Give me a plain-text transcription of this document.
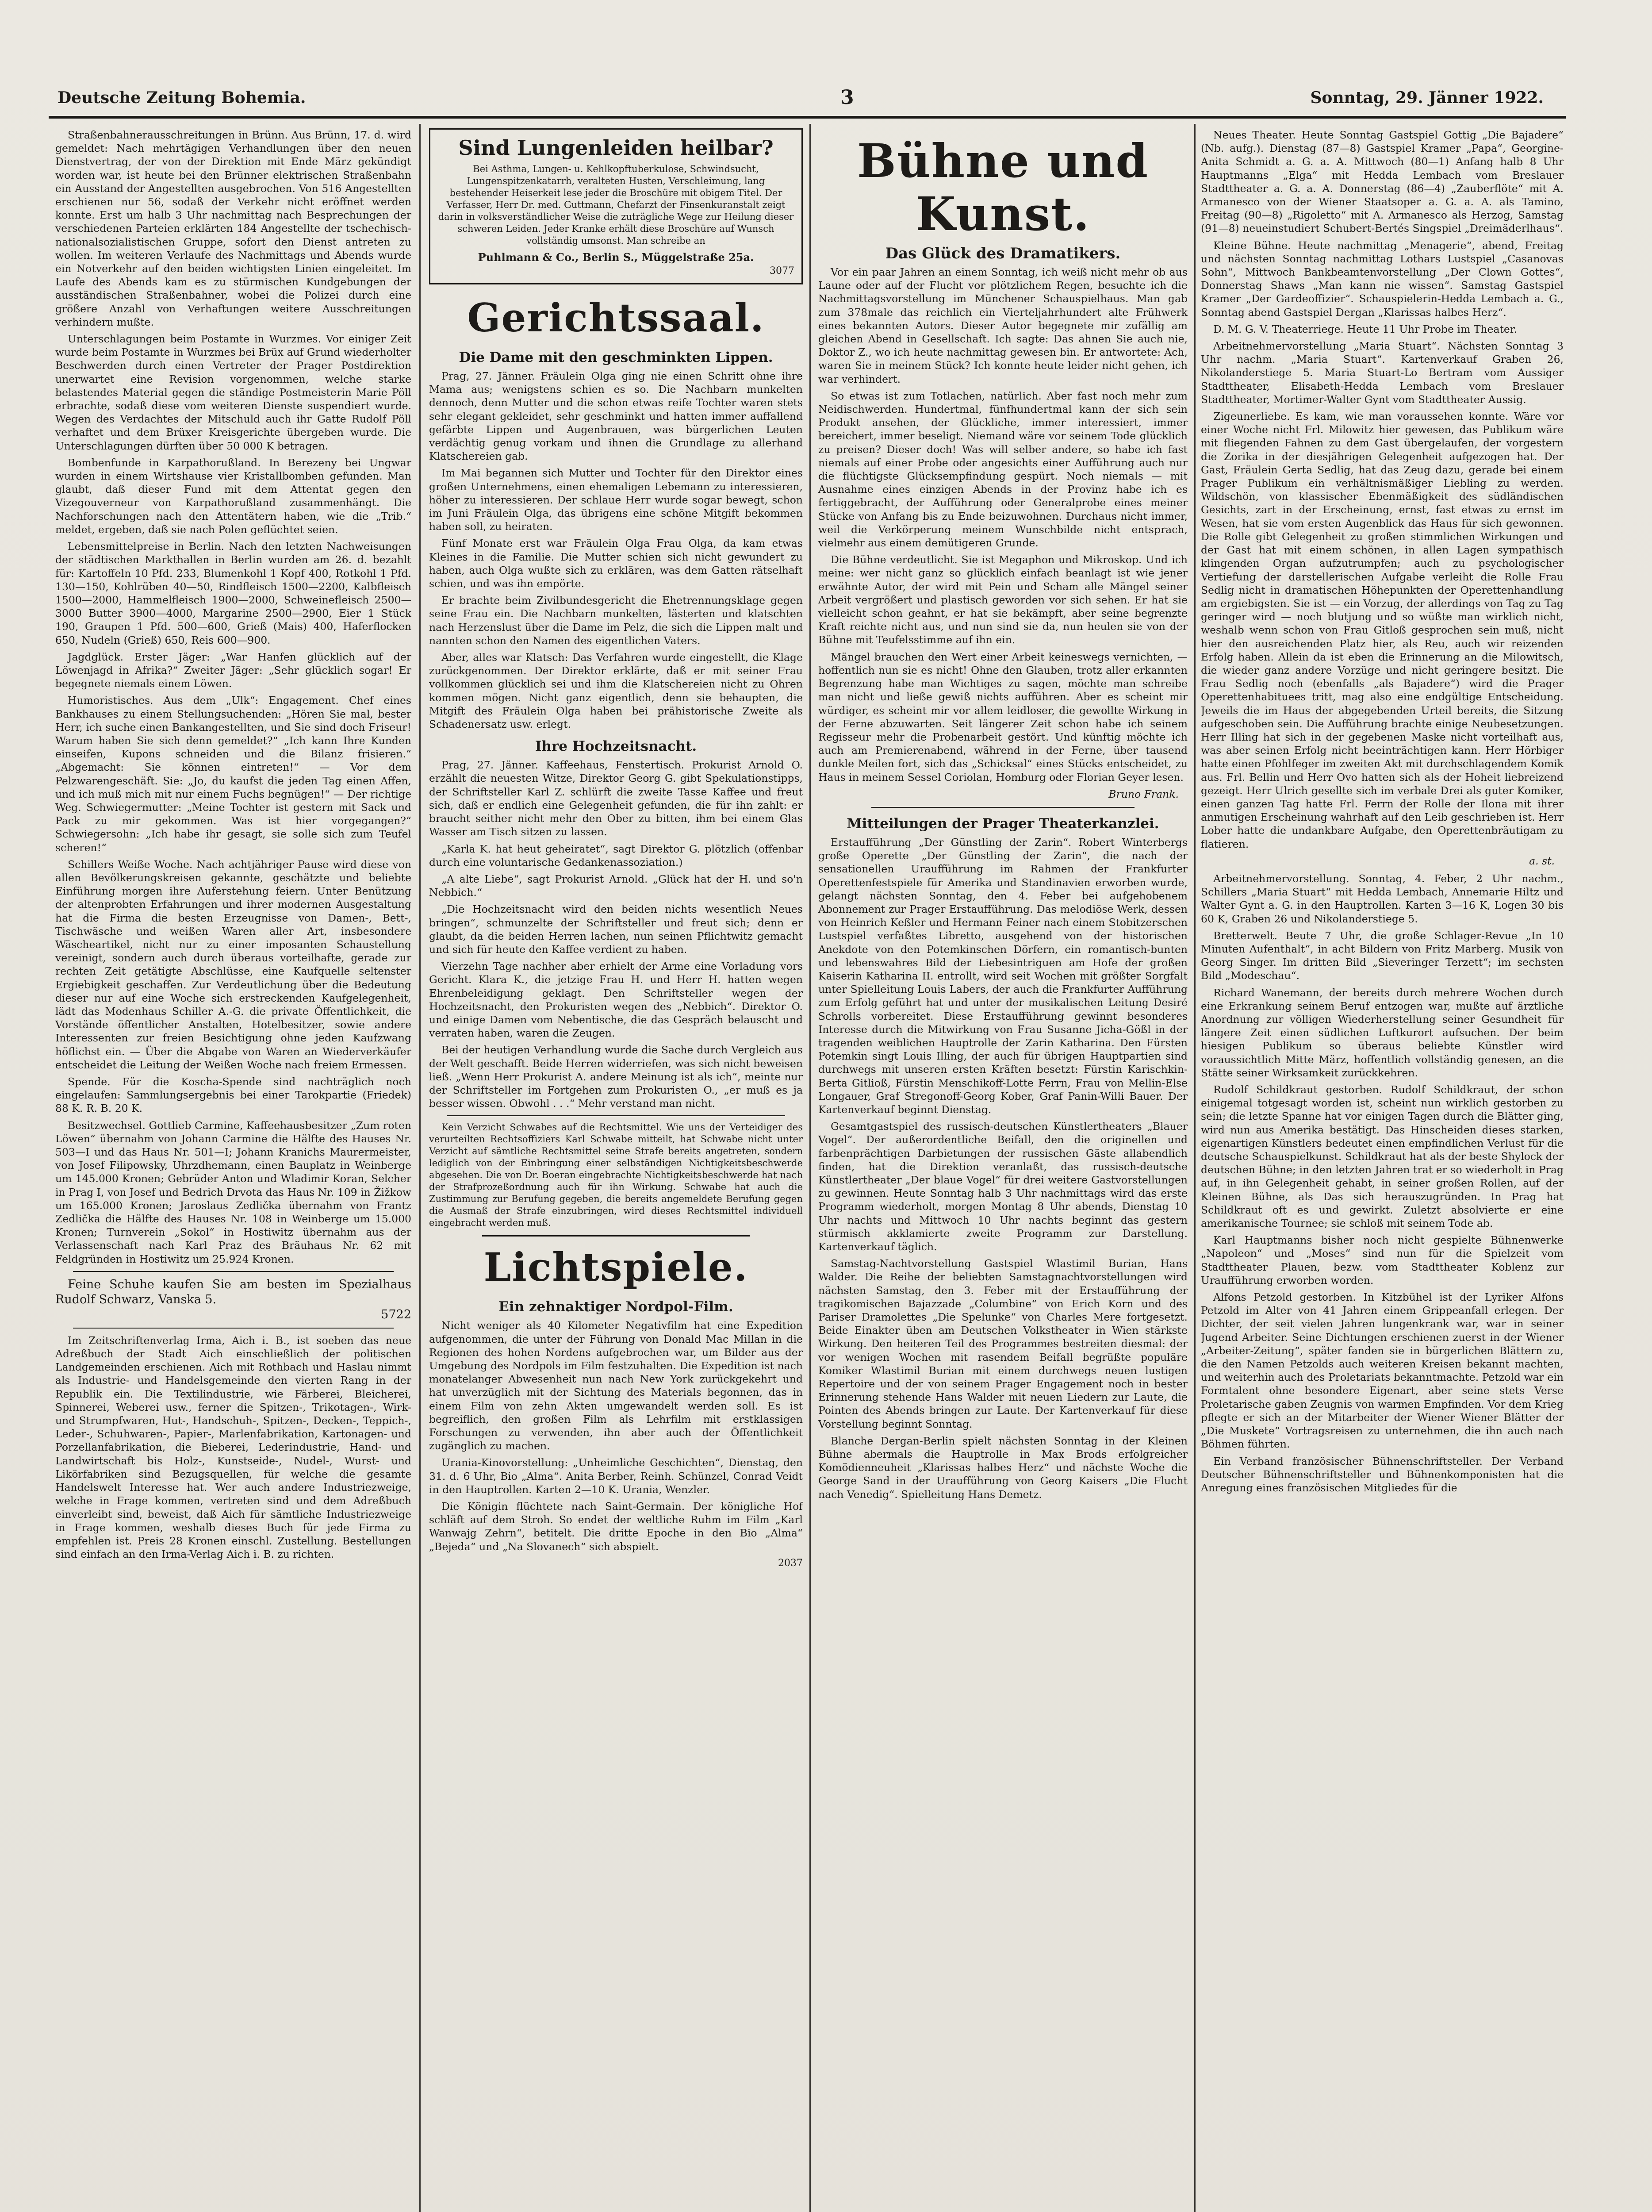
Deutsche Zeitung Bohemia.	3	Sonntag, 29. Jänner 1922.

Straßenbahnerausschreitungen in Brünn. Aus Brünn, 17. d. wird gemeldet: Nach mehrtägigen Verhandlungen über den neuen Dienstvertrag, der von der Direktion mit Ende März gekündigt worden war, ist heute bei den Brünner elektrischen Straßenbahn ein Ausstand der Angestellten ausgebrochen. Von 516 Angestellten erschienen nur 56, sodaß der Verkehr nicht eröffnet werden konnte. Erst um halb 3 Uhr nachmittag nach Besprechungen der verschiedenen Parteien erklärten 184 Angestellte der tschechisch-nationalsozialistischen Gruppe, sofort den Dienst antreten zu wollen. Im weiteren Verlaufe des Nachmittags und Abends wurde ein Notverkehr auf den beiden wichtigsten Linien eingeleitet. Im Laufe des Abends kam es zu stürmischen Kundgebungen der ausständischen Straßenbahner, wobei die Polizei durch eine größere Anzahl von Verhaftungen weitere Ausschreitungen verhindern mußte.

Unterschlagungen beim Postamte in Wurzmes. Vor einiger Zeit wurde beim Postamte in Wurzmes bei Brüx auf Grund wiederholter Beschwerden durch einen Vertreter der Prager Postdirektion unerwartet eine Revision vorgenommen, welche starke belastendes Material gegen die ständige Postmeisterin Marie Pöll erbrachte, sodaß diese vom weiteren Dienste suspendiert wurde. Wegen des Verdachtes der Mitschuld auch ihr Gatte Rudolf Pöll verhaftet und dem Brüxer Kreisgerichte übergeben wurde. Die Unterschlagungen dürften über 50 000 K betragen.

Bombenfunde in Karpathorußland. In Berezeny bei Ungwar wurden in einem Wirtshause vier Kristallbomben gefunden. Man glaubt, daß dieser Fund mit dem Attentat gegen den Vizegouverneur von Karpathorußland zusammenhängt. Die Nachforschungen nach den Attentätern haben, wie die „Trib.“ meldet, ergeben, daß sie nach Polen geflüchtet seien.

Lebensmittelpreise in Berlin. Nach den letzten Nachweisungen der städtischen Markthallen in Berlin wurden am 26. d. bezahlt für: Kartoffeln 10 Pfd. 233, Blumenkohl 1 Kopf 400, Rotkohl 1 Pfd. 130—150, Kohlrüben 40—50, Rindfleisch 1500—2200, Kalbfleisch 1500—2000, Hammelfleisch 1900—2000, Schweinefleisch 2500—3000 Butter 3900—4000, Margarine 2500—2900, Eier 1 Stück 190, Graupen 1 Pfd. 500—600, Grieß (Mais) 400, Haferflocken 650, Nudeln (Grieß) 650, Reis 600—900.

Jagdglück. Erster Jäger: „War Hanfen glücklich auf der Löwenjagd in Afrika?“ Zweiter Jäger: „Sehr glücklich sogar! Er begegnete niemals einem Löwen.

Humoristisches. Aus dem „Ulk“: Engagement. Chef eines Bankhauses zu einem Stellungsuchenden: „Hören Sie mal, bester Herr, ich suche einen Bankangestellten, und Sie sind doch Friseur! Warum haben Sie sich denn gemeldet?“ „Ich kann Ihre Kunden einseifen, Kupons schneiden und die Bilanz frisieren.“ „Abgemacht: Sie können eintreten!“ — Vor dem Pelzwarengeschäft. Sie: „Jo, du kaufst die jeden Tag einen Affen, und ich muß mich mit nur einem Fuchs begnügen!“ — Der richtige Weg. Schwiegermutter: „Meine Tochter ist gestern mit Sack und Pack zu mir gekommen. Was ist hier vorgegangen?“ Schwiegersohn: „Ich habe ihr gesagt, sie solle sich zum Teufel scheren!“

Schillers Weiße Woche. Nach achtjähriger Pause wird diese von allen Bevölkerungskreisen gekannte, geschätzte und beliebte Einführung morgen ihre Auferstehung feiern. Unter Benützung der altenprobten Erfahrungen und ihrer modernen Ausgestaltung hat die Firma die besten Erzeugnisse von Damen-, Bett-, Tischwäsche und weißen Waren aller Art, insbesondere Wäscheartikel, nicht nur zu einer imposanten Schaustellung vereinigt, sondern auch durch überaus vorteilhafte, gerade zur rechten Zeit getätigte Abschlüsse, eine Kaufquelle seltenster Ergiebigkeit geschaffen. Zur Verdeutlichung über die Bedeutung dieser nur auf eine Woche sich erstreckenden Kaufgelegenheit, lädt das Modenhaus Schiller A.-G. die private Öffentlichkeit, die Vorstände öffentlicher Anstalten, Hotelbesitzer, sowie andere Interessenten zur freien Besichtigung ohne jeden Kaufzwang höflichst ein. — Über die Abgabe von Waren an Wiederverkäufer entscheidet die Leitung der Weißen Woche nach freiem Ermessen.

Spende. Für die Koscha-Spende sind nachträglich noch eingelaufen: Sammlungsergebnis bei einer Tarokpartie (Friedek) 88 K. R. B. 20 K.

Besitzwechsel. Gottlieb Carmine, Kaffeehausbesitzer „Zum roten Löwen“ übernahm von Johann Carmine die Hälfte des Hauses Nr. 503—I und das Haus Nr. 501—I; Johann Kranichs Maurermeister, von Josef Filipowsky, Uhrzdhemann, einen Bauplatz in Weinberge um 145.000 Kronen; Gebrüder Anton und Wladimir Koran, Selcher in Prag I, von Josef und Bedrich Drvota das Haus Nr. 109 in Žižkow um 165.000 Kronen; Jaroslaus Zedlička übernahm von Frantz Zedlička die Hälfte des Hauses Nr. 108 in Weinberge um 15.000 Kronen; Turnverein „Sokol“ in Hostiwitz übernahm aus der Verlassenschaft nach Karl Praz des Bräuhaus Nr. 62 mit Feldgründen in Hostiwitz um 25.924 Kronen.

Feine Schuhe kaufen Sie am besten im Spezialhaus Rudolf Schwarz, Vanska 5.
5722

Im Zeitschriftenverlag Irma, Aich i. B., ist soeben das neue Adreßbuch der Stadt Aich einschließlich der politischen Landgemeinden erschienen. Aich mit Rothbach und Haslau nimmt als Industrie- und Handelsgemeinde den vierten Rang in der Republik ein. Die Textilindustrie, wie Färberei, Bleicherei, Spinnerei, Weberei usw., ferner die Spitzen-, Trikotagen-, Wirk- und Strumpfwaren, Hut-, Handschuh-, Spitzen-, Decken-, Teppich-, Leder-, Schuhwaren-, Papier-, Marlenfabrikation, Kartonagen- und Porzellanfabrikation, die Bieberei, Lederindustrie, Hand- und Landwirtschaft bis Holz-, Kunstseide-, Nudel-, Wurst- und Likörfabriken sind Bezugsquellen, für welche die gesamte Handelswelt Interesse hat. Wer auch andere Industriezweige, welche in Frage kommen, vertreten sind und dem Adreßbuch einverleibt sind, beweist, daß Aich für sämtliche Industriezweige in Frage kommen, weshalb dieses Buch für jede Firma zu empfehlen ist. Preis 28 Kronen einschl. Zustellung. Bestellungen sind einfach an den Irma-Verlag Aich i. B. zu richten.

Sind Lungenleiden heilbar?
Bei Asthma, Lungen- u. Kehlkopftuberkulose, Schwindsucht, Lungenspitzenkatarrh, veralteten Husten, Verschleimung, lang bestehender Heiserkeit lese jeder die Broschüre mit obigem Titel. Der Verfasser, Herr Dr. med. Guttmann, Chefarzt der Finsenkuranstalt zeigt darin in volksverständlicher Weise die zuträgliche Wege zur Heilung dieser schweren Leiden. Jeder Kranke erhält diese Broschüre auf Wunsch vollständig umsonst. Man schreibe an
Puhlmann & Co., Berlin S., Müggelstraße 25a.
3077
Gerichtssaal.
Die Dame mit den geschminkten Lippen.

Prag, 27. Jänner. Fräulein Olga ging nie einen Schritt ohne ihre Mama aus; wenigstens schien es so. Die Nachbarn munkelten dennoch, denn Mutter und die schon etwas reife Tochter waren stets sehr elegant gekleidet, sehr geschminkt und hatten immer auffallend gefärbte Lippen und Augenbrauen, was bürgerlichen Leuten verdächtig genug vorkam und ihnen die Grundlage zu allerhand Klatschereien gab.

Im Mai begannen sich Mutter und Tochter für den Direktor eines großen Unternehmens, einen ehemaligen Lebemann zu interessieren, höher zu interessieren. Der schlaue Herr wurde sogar bewegt, schon im Juni Fräulein Olga, das übrigens eine schöne Mitgift bekommen haben soll, zu heiraten.

Fünf Monate erst war Fräulein Olga Frau Olga, da kam etwas Kleines in die Familie. Die Mutter schien sich nicht gewundert zu haben, auch Olga wußte sich zu erklären, was dem Gatten rätselhaft schien, und was ihn empörte.

Er brachte beim Zivilbundesgericht die Ehetrennungsklage gegen seine Frau ein. Die Nachbarn munkelten, lästerten und klatschten nach Herzenslust über die Dame im Pelz, die sich die Lippen malt und nannten schon den Namen des eigentlichen Vaters.

Aber, alles war Klatsch: Das Verfahren wurde eingestellt, die Klage zurückgenommen. Der Direktor erklärte, daß er mit seiner Frau vollkommen glücklich sei und ihm die Klatschereien nicht zu Ohren kommen mögen. Nicht ganz eigentlich, denn sie behaupten, die Mitgift des Fräulein Olga haben bei prähistorische Zweite als Schadenersatz usw. erlegt.

Ihre Hochzeitsnacht.

Prag, 27. Jänner. Kaffeehaus, Fenstertisch. Prokurist Arnold O. erzählt die neuesten Witze, Direktor Georg G. gibt Spekulationstipps, der Schriftsteller Karl Z. schlürft die zweite Tasse Kaffee und freut sich, daß er endlich eine Gelegenheit gefunden, die für ihn zahlt: er braucht seither nicht mehr den Ober zu bitten, ihm bei einem Glas Wasser am Tisch sitzen zu lassen.

„Karla K. hat heut geheiratet“, sagt Direktor G. plötzlich (offenbar durch eine voluntarische Gedankenassoziation.)

„A alte Liebe“, sagt Prokurist Arnold. „Glück hat der H. und so'n Nebbich.“

„Die Hochzeitsnacht wird den beiden nichts wesentlich Neues bringen“, schmunzelte der Schriftsteller und freut sich; denn er glaubt, da die beiden Herren lachen, nun seinen Pflichtwitz gemacht und sich für heute den Kaffee verdient zu haben.

Vierzehn Tage nachher aber erhielt der Arme eine Vorladung vors Gericht. Klara K., die jetzige Frau H. und Herr H. hatten wegen Ehrenbeleidigung geklagt. Den Schriftsteller wegen der Hochzeitsnacht, den Prokuristen wegen des „Nebbich“. Direktor O. und einige Damen vom Nebentische, die das Gespräch belauscht und verraten haben, waren die Zeugen.

Bei der heutigen Verhandlung wurde die Sache durch Vergleich aus der Welt geschafft. Beide Herren widerriefen, was sich nicht beweisen ließ. „Wenn Herr Prokurist A. andere Meinung ist als ich“, meinte nur der Schriftsteller im Fortgehen zum Prokuristen O., „er muß es ja besser wissen. Obwohl . . .“ Mehr verstand man nicht.

Kein Verzicht Schwabes auf die Rechtsmittel. Wie uns der Verteidiger des verurteilten Rechtsoffiziers Karl Schwabe mitteilt, hat Schwabe nicht unter Verzicht auf sämtliche Rechtsmittel seine Strafe bereits angetreten, sondern lediglich von der Einbringung einer selbständigen Nichtigkeitsbeschwerde abgesehen. Die von Dr. Boeran eingebrachte Nichtigkeitsbeschwerde hat nach der Strafprozeßordnung auch für ihn Wirkung. Schwabe hat auch die Zustimmung zur Berufung gegeben, die bereits angemeldete Berufung gegen die Ausmaß der Strafe einzubringen, wird dieses Rechtsmittel individuell eingebracht werden muß.

Lichtspiele.
Ein zehnaktiger Nordpol-Film.

Nicht weniger als 40 Kilometer Negativfilm hat eine Expedition aufgenommen, die unter der Führung von Donald Mac Millan in die Regionen des hohen Nordens aufgebrochen war, um Bilder aus der Umgebung des Nordpols im Film festzuhalten. Die Expedition ist nach monatelanger Abwesenheit nun nach New York zurückgekehrt und hat unverzüglich mit der Sichtung des Materials begonnen, das in einem Film von zehn Akten umgewandelt werden soll. Es ist begreiflich, den großen Film als Lehrfilm mit erstklassigen Forschungen zu verwenden, ihn aber auch der Öffentlichkeit zugänglich zu machen.

Urania-Kinovorstellung: „Unheimliche Geschichten“, Dienstag, den 31. d. 6 Uhr, Bio „Alma“. Anita Berber, Reinh. Schünzel, Conrad Veidt in den Hauptrollen. Karten 2—10 K. Urania, Wenzler.

Die Königin flüchtete nach Saint-Germain. Der königliche Hof schläft auf dem Stroh. So endet der weltliche Ruhm im Film „Karl Wanwajg Zehrn“, betitelt. Die dritte Epoche in den Bio „Alma“ „Bejeda“ und „Na Slovanech“ sich abspielt.

2037
Bühne und Kunst.
Das Glück des Dramatikers.

Vor ein paar Jahren an einem Sonntag, ich weiß nicht mehr ob aus Laune oder auf der Flucht vor plötzlichem Regen, besuchte ich die Nachmittagsvorstellung im Münchener Schauspielhaus. Man gab zum 378male das reichlich ein Vierteljahrhundert alte Frühwerk eines bekannten Autors. Dieser Autor begegnete mir zufällig am gleichen Abend in Gesellschaft. Ich sagte: Das ahnen Sie auch nie, Doktor Z., wo ich heute nachmittag gewesen bin. Er antwortete: Ach, waren Sie in meinem Stück? Ich konnte heute leider nicht gehen, ich war verhindert.

So etwas ist zum Totlachen, natürlich. Aber fast noch mehr zum Neidischwerden. Hundertmal, fünfhundertmal kann der sich sein Produkt ansehen, der Glückliche, immer interessiert, immer bereichert, immer beseligt. Niemand wäre vor seinem Tode glücklich zu preisen? Dieser doch! Was will selber andere, so habe ich fast niemals auf einer Probe oder angesichts einer Aufführung auch nur die flüchtigste Glücksempfindung gespürt. Noch niemals — mit Ausnahme eines einzigen Abends in der Provinz habe ich es fertiggebracht, der Aufführung oder Generalprobe eines meiner Stücke von Anfang bis zu Ende beizuwohnen. Durchaus nicht immer, weil die Verkörperung meinem Wunschbilde nicht entsprach, vielmehr aus einem demütigeren Grunde.

Die Bühne verdeutlicht. Sie ist Megaphon und Mikroskop. Und ich meine: wer nicht ganz so glücklich einfach beanlagt ist wie jener erwähnte Autor, der wird mit Pein und Scham alle Mängel seiner Arbeit vergrößert und plastisch geworden vor sich sehen. Er hat sie vielleicht schon geahnt, er hat sie bekämpft, aber seine begrenzte Kraft reichte nicht aus, und nun sind sie da, nun heulen sie von der Bühne mit Teufelsstimme auf ihn ein.

Mängel brauchen den Wert einer Arbeit keineswegs vernichten, — hoffentlich nun sie es nicht! Ohne den Glauben, trotz aller erkannten Begrenzung habe man Wichtiges zu sagen, möchte man schreibe man nicht und ließe gewiß nichts aufführen. Aber es scheint mir würdiger, es scheint mir vor allem leidloser, die gewollte Wirkung in der Ferne abzuwarten. Seit längerer Zeit schon habe ich seinem Regisseur mehr die Probenarbeit gestört. Und künftig möchte ich auch am Premierenabend, während in der Ferne, über tausend dunkle Meilen fort, sich das „Schicksal“ eines Stücks entscheidet, zu Haus in meinem Sessel Coriolan, Homburg oder Florian Geyer lesen.

Bruno Frank.
Mitteilungen der Prager Theaterkanzlei.

Erstaufführung „Der Günstling der Zarin“. Robert Winterbergs große Operette „Der Günstling der Zarin“, die nach der sensationellen Uraufführung im Rahmen der Frankfurter Operettenfestspiele für Amerika und Standinavien erworben wurde, gelangt nächsten Sonntag, den 4. Feber bei aufgehobenem Abonnement zur Prager Erstaufführung. Das melodiöse Werk, dessen von Heinrich Keßler und Hermann Feiner nach einem Stobitzerschen Lustspiel verfaßtes Libretto, ausgehend von der historischen Anekdote von den Potemkinschen Dörfern, ein romantisch-bunten und lebenswahres Bild der Liebesintriguen am Hofe der großen Kaiserin Katharina II. entrollt, wird seit Wochen mit größter Sorgfalt unter Spielleitung Louis Labers, der auch die Frankfurter Aufführung zum Erfolg geführt hat und unter der musikalischen Leitung Desiré Schrolls vorbereitet. Diese Erstaufführung gewinnt besonderes Interesse durch die Mitwirkung von Frau Susanne Jicha-Gößl in der tragenden weiblichen Hauptrolle der Zarin Katharina. Den Fürsten Potemkin singt Louis Illing, der auch für übrigen Hauptpartien sind durchwegs mit unseren ersten Kräften besetzt: Fürstin Karischkin-Berta Gitlioß, Fürstin Menschikoff-Lotte Ferrn, Frau von Mellin-Else Longauer, Graf Stregonoff-Georg Kober, Graf Panin-Willi Bauer. Der Kartenverkauf beginnt Dienstag.

Gesamtgastspiel des russisch-deutschen Künstlertheaters „Blauer Vogel“. Der außerordentliche Beifall, den die originellen und farbenprächtigen Darbietungen der russischen Gäste allabendlich finden, hat die Direktion veranlaßt, das russisch-deutsche Künstlertheater „Der blaue Vogel“ für drei weitere Gastvorstellungen zu gewinnen. Heute Sonntag halb 3 Uhr nachmittags wird das erste Programm wiederholt, morgen Montag 8 Uhr abends, Dienstag 10 Uhr nachts und Mittwoch 10 Uhr nachts beginnt das gestern stürmisch akklamierte zweite Programm zur Darstellung. Kartenverkauf täglich.

Samstag-Nachtvorstellung Gastspiel Wlastimil Burian, Hans Walder. Die Reihe der beliebten Samstagnachtvorstellungen wird nächsten Samstag, den 3. Feber mit der Erstaufführung der tragikomischen Bajazzade „Columbine“ von Erich Korn und des Pariser Dramolettes „Die Spelunke“ von Charles Mere fortgesetzt. Beide Einakter üben am Deutschen Volkstheater in Wien stärkste Wirkung. Den heiteren Teil des Programmes bestreiten diesmal: der vor wenigen Wochen mit rasendem Beifall begrüßte populäre Komiker Wlastimil Burian mit einem durchwegs neuen lustigen Repertoire und der von seinem Prager Engagement noch in bester Erinnerung stehende Hans Walder mit neuen Liedern zur Laute, die Pointen des Abends bringen zur Laute. Der Kartenverkauf für diese Vorstellung beginnt Sonntag.

Blanche Dergan-Berlin spielt nächsten Sonntag in der Kleinen Bühne abermals die Hauptrolle in Max Brods erfolgreicher Komödienneuheit „Klarissas halbes Herz“ und nächste Woche die George Sand in der Uraufführung von Georg Kaisers „Die Flucht nach Venedig“. Spielleitung Hans Demetz.

Neues Theater. Heute Sonntag Gastspiel Gottig „Die Bajadere“ (Nb. aufg.). Dienstag (87—8) Gastspiel Kramer „Papa“, Georgine-Anita Schmidt a. G. a. A. Mittwoch (80—1) Anfang halb 8 Uhr Hauptmanns „Elga“ mit Hedda Lembach vom Breslauer Stadttheater a. G. a. A. Donnerstag (86—4) „Zauberflöte“ mit A. Armanesco von der Wiener Staatsoper a. G. a. A. als Tamino, Freitag (90—8) „Rigoletto“ mit A. Armanesco als Herzog, Samstag (91—8) neueinstudiert Schubert-Bertés Singspiel „Dreimäderlhaus“.

Kleine Bühne. Heute nachmittag „Menagerie“, abend, Freitag und nächsten Sonntag nachmittag Lothars Lustspiel „Casanovas Sohn“, Mittwoch Bankbeamtenvorstellung „Der Clown Gottes“, Donnerstag Shaws „Man kann nie wissen“. Samstag Gastspiel Kramer „Der Gardeoffizier“. Schauspielerin-Hedda Lembach a. G., Sonntag abend Gastspiel Dergan „Klarissas halbes Herz“.

D. M. G. V. Theaterriege. Heute 11 Uhr Probe im Theater.

Arbeitnehmervorstellung „Maria Stuart“. Nächsten Sonntag 3 Uhr nachm. „Maria Stuart“. Kartenverkauf Graben 26, Nikolanderstiege 5. Maria Stuart-Lo Bertram vom Aussiger Stadttheater, Elisabeth-Hedda Lembach vom Breslauer Stadttheater, Mortimer-Walter Gynt vom Stadttheater Aussig.

Zigeunerliebe. Es kam, wie man voraussehen konnte. Wäre vor einer Woche nicht Frl. Milowitz hier gewesen, das Publikum wäre mit fliegenden Fahnen zu dem Gast übergelaufen, der vorgestern die Zorika in der diesjährigen Gelegenheit aufgezogen hat. Der Gast, Fräulein Gerta Sedlig, hat das Zeug dazu, gerade bei einem Prager Publikum ein verhältnismäßiger Liebling zu werden. Wildschön, von klassischer Ebenmäßigkeit des südländischen Gesichts, zart in der Erscheinung, ernst, fast etwas zu ernst im Wesen, hat sie vom ersten Augenblick das Haus für sich gewonnen. Die Rolle gibt Gelegenheit zu großen stimmlichen Wirkungen und der Gast hat mit einem schönen, in allen Lagen sympathisch klingenden Organ aufzutrumpfen; auch zu psychologischer Vertiefung der darstellerischen Aufgabe verleiht die Rolle Frau Sedlig nicht in dramatischen Höhepunkten der Operettenhandlung am ergiebigsten. Sie ist — ein Vorzug, der allerdings von Tag zu Tag geringer wird — noch blutjung und so wüßte man wirklich nicht, weshalb wenn schon von Frau Gitloß gesprochen sein muß, nicht hier den ausreichenden Platz hier, als Reu, auch wir reizenden Erfolg haben. Allein da ist eben die Erinnerung an die Milowitsch, die wieder ganz andere Vorzüge und nicht geringere besitzt. Die Frau Sedlig noch (ebenfalls „als Bajadere“) wird die Prager Operettenhabituees tritt, mag also eine endgültige Entscheidung. Jeweils die im Haus der abgegebenden Urteil bereits, die Sitzung aufgeschoben sein. Die Aufführung brachte einige Neubesetzungen. Herr Illing hat sich in der gegebenen Maske nicht vorteilhaft aus, was aber seinen Erfolg nicht beeinträchtigen kann. Herr Hörbiger hatte einen Pfohlfeger im zweiten Akt mit durchschlagendem Komik aus. Frl. Bellin und Herr Ovo hatten sich als der Hoheit liebreizend gezeigt. Herr Ulrich gesellte sich im verbale Drei als guter Komiker, einen ganzen Tag hatte Frl. Ferrn der Rolle der Ilona mit ihrer anmutigen Erscheinung wahrhaft auf den Leib geschrieben ist. Herr Lober hatte die undankbare Aufgabe, den Operettenbräutigam zu flatieren.

a. st.

Arbeitnehmervorstellung. Sonntag, 4. Feber, 2 Uhr nachm., Schillers „Maria Stuart“ mit Hedda Lembach, Annemarie Hiltz und Walter Gynt a. G. in den Hauptrollen. Karten 3—16 K, Logen 30 bis 60 K, Graben 26 und Nikolanderstiege 5.

Bretterwelt. Beute 7 Uhr, die große Schlager-Revue „In 10 Minuten Aufenthalt“, in acht Bildern von Fritz Marberg. Musik von Georg Singer. Im dritten Bild „Sieveringer Terzett“; im sechsten Bild „Modeschau“.

Richard Wanemann, der bereits durch mehrere Wochen durch eine Erkrankung seinem Beruf entzogen war, mußte auf ärztliche Anordnung zur völligen Wiederherstellung seiner Gesundheit für längere Zeit einen südlichen Luftkurort aufsuchen. Der beim hiesigen Publikum so überaus beliebte Künstler wird voraussichtlich Mitte März, hoffentlich vollständig genesen, an die Stätte seiner Wirksamkeit zurückkehren.

Rudolf Schildkraut gestorben. Rudolf Schildkraut, der schon einigemal totgesagt worden ist, scheint nun wirklich gestorben zu sein; die letzte Spanne hat vor einigen Tagen durch die Blätter ging, wird nun aus Amerika bestätigt. Das Hinscheiden dieses starken, eigenartigen Künstlers bedeutet einen empfindlichen Verlust für die deutsche Schauspielkunst. Schildkraut hat als der beste Shylock der deutschen Bühne; in den letzten Jahren trat er so wiederholt in Prag auf, in ihn Gelegenheit gehabt, in seiner großen Rollen, auf der Kleinen Bühne, als Das sich herauszugründen. In Prag hat Schildkraut oft es und gewirkt. Zuletzt absolvierte er eine amerikanische Tournee; sie schloß mit seinem Tode ab.

Karl Hauptmanns bisher noch nicht gespielte Bühnenwerke „Napoleon“ und „Moses“ sind nun für die Spielzeit vom Stadttheater Plauen, bezw. vom Stadttheater Koblenz zur Uraufführung erworben worden.

Alfons Petzold gestorben. In Kitzbühel ist der Lyriker Alfons Petzold im Alter von 41 Jahren einem Grippeanfall erlegen. Der Dichter, der seit vielen Jahren lungenkrank war, war in seiner Jugend Arbeiter. Seine Dichtungen erschienen zuerst in der Wiener „Arbeiter-Zeitung“, später fanden sie in bürgerlichen Blättern zu, die den Namen Petzolds auch weiteren Kreisen bekannt machten, und weiterhin auch des Proletariats bekanntmachte. Petzold war ein Formtalent ohne besondere Eigenart, aber seine stets Verse Proletarische gaben Zeugnis von warmen Empfinden. Vor dem Krieg pflegte er sich an der Mitarbeiter der Wiener Wiener Blätter der „Die Muskete“ Vortragsreisen zu unternehmen, die ihn auch nach Böhmen führten.

Ein Verband französischer Bühnenschriftsteller. Der Verband Deutscher Bühnenschriftsteller und Bühnenkomponisten hat die Anregung eines französischen Mitgliedes für die
